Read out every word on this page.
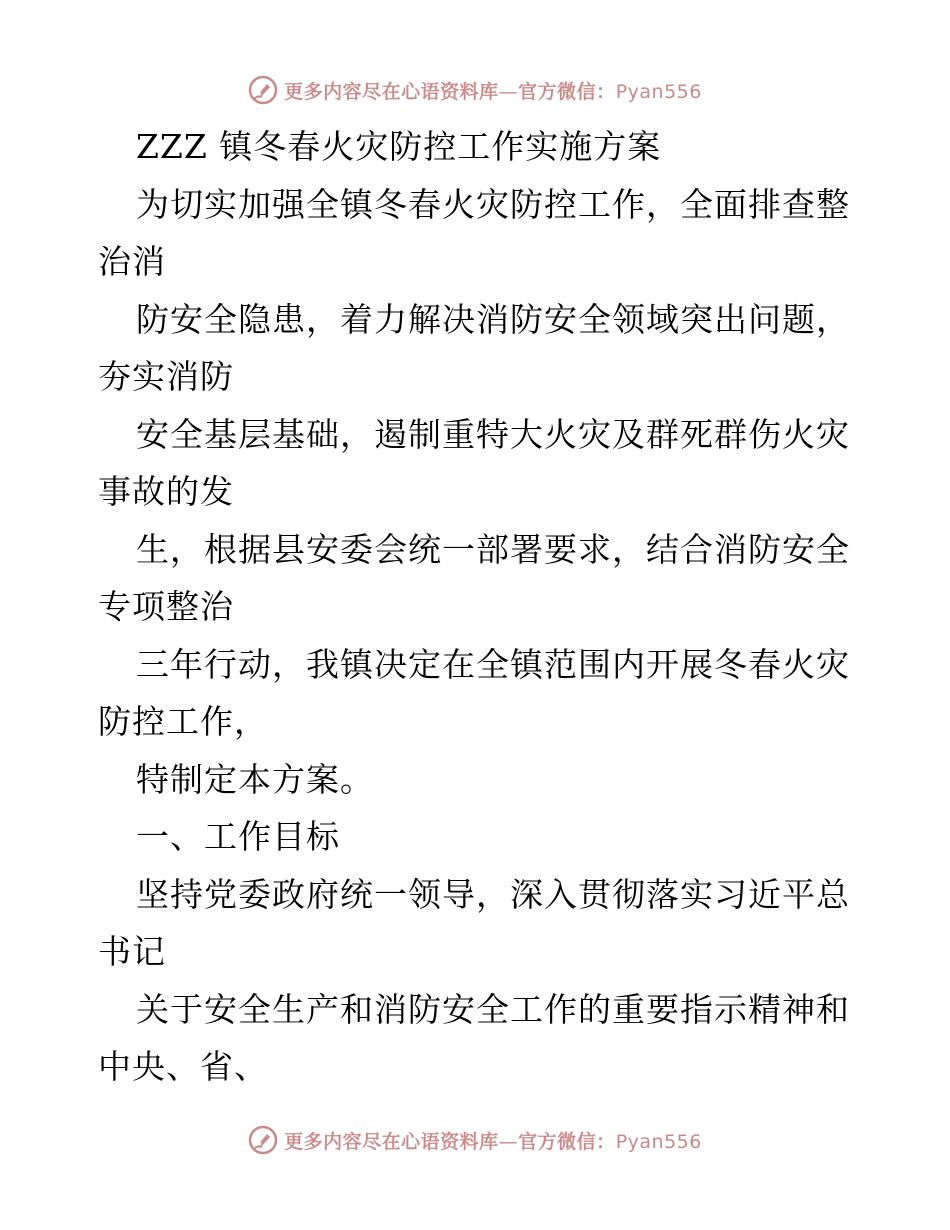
更多内容尽在心语资料库—官方微信：Pyan556
ZZZ 镇冬春火灾防控工作实施方案
为切实加强全镇冬春火灾防控工作，全面排查整
治消
防安全隐患，着力解决消防安全领域突出问题，
夯实消防
安全基层基础，遏制重特大火灾及群死群伤火灾
事故的发
生，根据县安委会统一部署要求，结合消防安全
专项整治
三年行动，我镇决定在全镇范围内开展冬春火灾
防控工作，
特制定本方案。
一、工作目标
坚持党委政府统一领导，深入贯彻落实习近平总
书记
关于安全生产和消防安全工作的重要指示精神和
中央、省、
更多内容尽在心语资料库—官方微信：Pyan556
